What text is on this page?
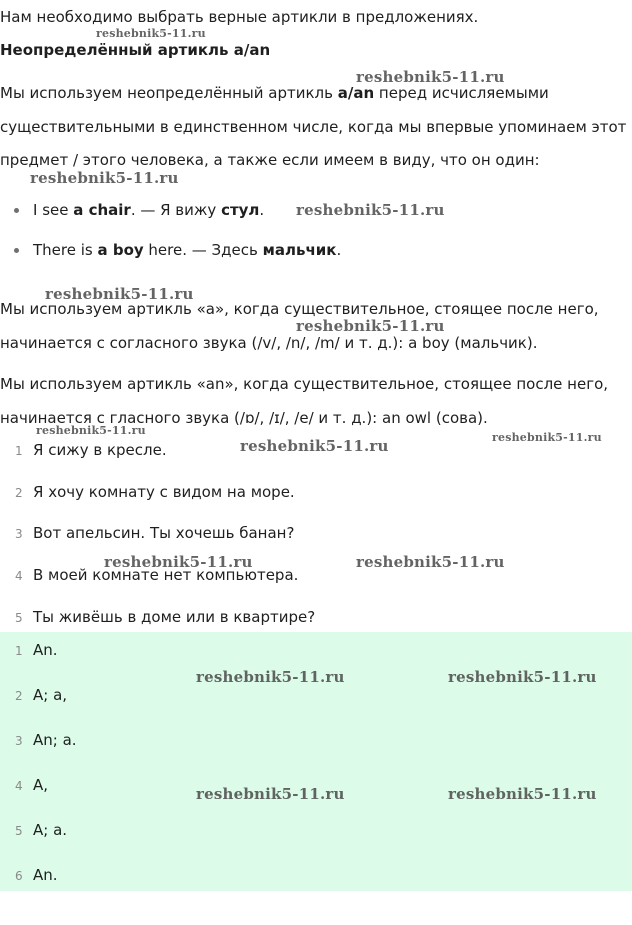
Нам необходимо выбрать верные артикли в предложениях.
Неопределённый артикль a/an
Мы используем неопределённый артикль a/an перед исчисляемыми
существительными в единственном числе, когда мы впервые упоминаем этот
предмет / этого человека, а также если имеем в виду, что он один:
I see a chair. — Я вижу стул.
There is a boy here. — Здесь мальчик.
Мы используем артикль «a», когда существительное, стоящее после него,
начинается с согласного звука (/v/, /n/, /m/ и т. д.): a boy (мальчик).
Мы используем артикль «an», когда существительное, стоящее после него,
начинается с гласного звука (/ɒ/, /ɪ/, /e/ и т. д.): an owl (сова).
1 Я сижу в кресле.
2 Я хочу комнату с видом на море.
3 Вот апельсин. Ты хочешь банан?
4 В моей комнате нет компьютера.
5 Ты живёшь в доме или в квартире?
1 An.
2 A; a,
3 An; a.
4 A,
5 A; a.
6 An.
reshebnik5-11.ru
reshebnik5-11.ru
reshebnik5-11.ru
reshebnik5-11.ru
reshebnik5-11.ru
reshebnik5-11.ru
reshebnik5-11.ru
reshebnik5-11.ru	reshebnik5-11.ru
reshebnik5-11.ru	reshebnik5-11.ru
reshebnik5-11.ru	reshebnik5-11.ru
reshebnik5-11.ru	reshebnik5-11.ru
